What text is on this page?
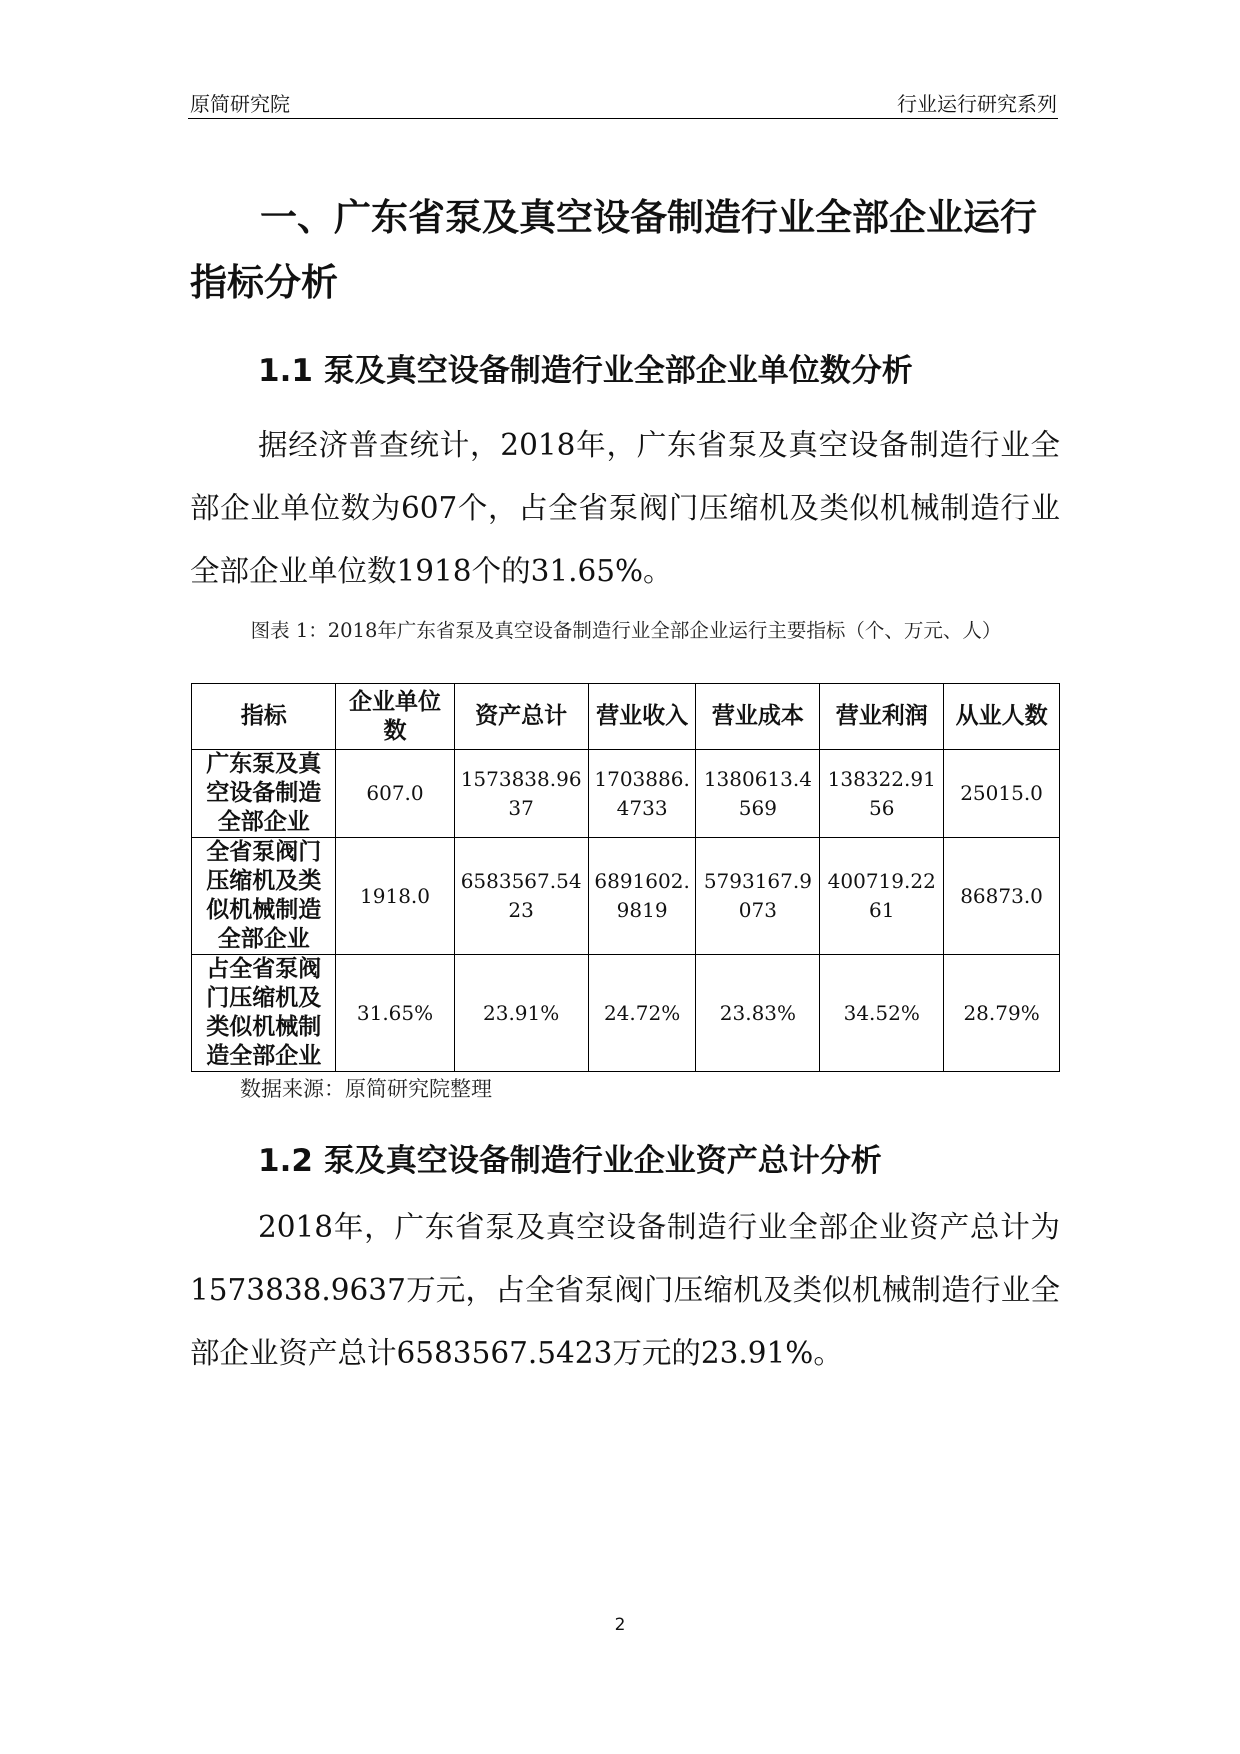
原简研究院	行业运行研究系列
一、广东省泵及真空设备制造行业全部企业运行指标分析
1.1 泵及真空设备制造行业全部企业单位数分析
据经济普查统计，2018年，广东省泵及真空设备制造行业全部企业单位数为607个，占全省泵阀门压缩机及类似机械制造行业全部企业单位数1918个的31.65%。
图表 1：2018年广东省泵及真空设备制造行业全部企业运行主要指标（个、万元、人）
指标	企业单位数	资产总计	营业收入	营业成本	营业利润	从业人数
广东泵及真空设备制造全部企业	607.0	1573838.9637	1703886.4733	1380613.4569	138322.9156	25015.0
全省泵阀门压缩机及类似机械制造全部企业	1918.0	6583567.5423	6891602.9819	5793167.9073	400719.2261	86873.0
占全省泵阀门压缩机及类似机械制造全部企业	31.65%	23.91%	24.72%	23.83%	34.52%	28.79%
数据来源：原简研究院整理
1.2 泵及真空设备制造行业企业资产总计分析
2018年，广东省泵及真空设备制造行业全部企业资产总计为1573838.9637万元，占全省泵阀门压缩机及类似机械制造行业全部企业资产总计6583567.5423万元的23.91%。
2
